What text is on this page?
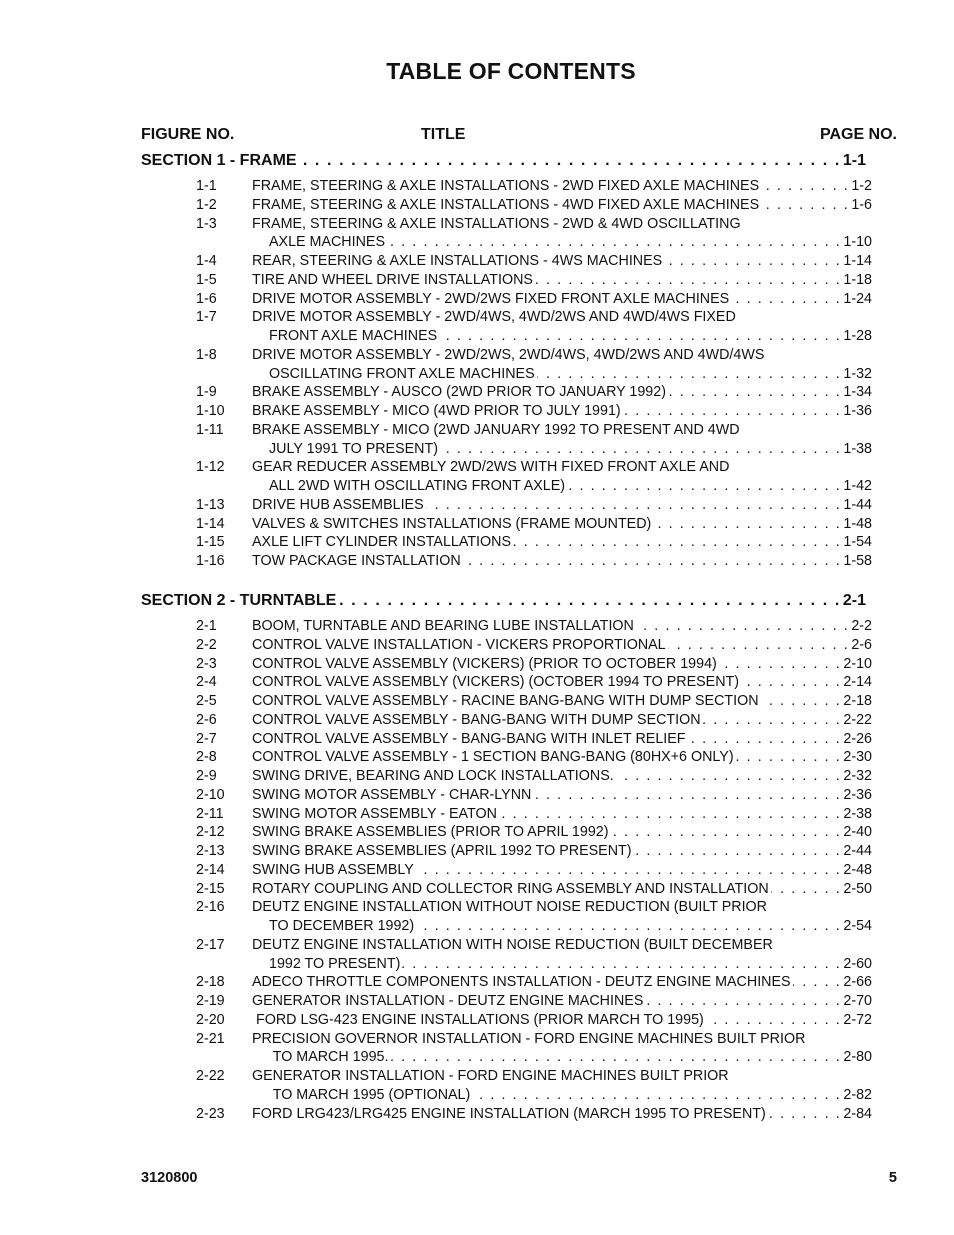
TABLE OF CONTENTS
FIGURE NO.	TITLE	PAGE NO.
SECTION 1 - FRAME . . .	1-1
1-1 FRAME, STEERING & AXLE INSTALLATIONS - 2WD FIXED AXLE MACHINES . . .	1-2
1-2 FRAME, STEERING & AXLE INSTALLATIONS - 4WD FIXED AXLE MACHINES . . .	1-6
1-3 FRAME, STEERING & AXLE INSTALLATIONS - 2WD & 4WD OSCILLATING
AXLE MACHINES . . .	1-10
1-4 REAR, STEERING & AXLE INSTALLATIONS - 4WS MACHINES . . .	1-14
1-5 TIRE AND WHEEL DRIVE INSTALLATIONS . . .	1-18
1-6 DRIVE MOTOR ASSEMBLY - 2WD/2WS FIXED FRONT AXLE MACHINES . . .	1-24
1-7 DRIVE MOTOR ASSEMBLY - 2WD/4WS, 4WD/2WS AND 4WD/4WS FIXED
FRONT AXLE MACHINES . . .	1-28
1-8 DRIVE MOTOR ASSEMBLY - 2WD/2WS, 2WD/4WS, 4WD/2WS AND 4WD/4WS
OSCILLATING FRONT AXLE MACHINES . . .	1-32
1-9 BRAKE ASSEMBLY - AUSCO (2WD PRIOR TO JANUARY 1992) . . .	1-34
1-10 BRAKE ASSEMBLY - MICO (4WD PRIOR TO JULY 1991) . . .	1-36
1-11 BRAKE ASSEMBLY - MICO (2WD JANUARY 1992 TO PRESENT AND 4WD
JULY 1991 TO PRESENT) . . .	1-38
1-12 GEAR REDUCER ASSEMBLY 2WD/2WS WITH FIXED FRONT AXLE AND
ALL 2WD WITH OSCILLATING FRONT AXLE) . . .	1-42
1-13 DRIVE HUB ASSEMBLIES . . .	1-44
1-14 VALVES & SWITCHES INSTALLATIONS (FRAME MOUNTED) . . .	1-48
1-15 AXLE LIFT CYLINDER INSTALLATIONS . . .	1-54
1-16 TOW PACKAGE INSTALLATION . . .	1-58
SECTION 2 - TURNTABLE . . .	2-1
2-1 BOOM, TURNTABLE AND BEARING LUBE INSTALLATION . . .	2-2
2-2 CONTROL VALVE INSTALLATION - VICKERS PROPORTIONAL . . .	2-6
2-3 CONTROL VALVE ASSEMBLY (VICKERS) (PRIOR TO OCTOBER 1994) . . .	2-10
2-4 CONTROL VALVE ASSEMBLY (VICKERS) (OCTOBER 1994 TO PRESENT) . . .	2-14
2-5 CONTROL VALVE ASSEMBLY - RACINE BANG-BANG WITH DUMP SECTION . . .	2-18
2-6 CONTROL VALVE ASSEMBLY - BANG-BANG WITH DUMP SECTION . . .	2-22
2-7 CONTROL VALVE ASSEMBLY - BANG-BANG WITH INLET RELIEF . . .	2-26
2-8 CONTROL VALVE ASSEMBLY - 1 SECTION BANG-BANG (80HX+6 ONLY) . . .	2-30
2-9 SWING DRIVE, BEARING AND LOCK INSTALLATIONS. . . .	2-32
2-10 SWING MOTOR ASSEMBLY - CHAR-LYNN . . .	2-36
2-11 SWING MOTOR ASSEMBLY - EATON . . .	2-38
2-12 SWING BRAKE ASSEMBLIES (PRIOR TO APRIL 1992) . . .	2-40
2-13 SWING BRAKE ASSEMBLIES (APRIL 1992 TO PRESENT) . . .	2-44
2-14 SWING HUB ASSEMBLY . . .	2-48
2-15 ROTARY COUPLING AND COLLECTOR RING ASSEMBLY AND INSTALLATION . . .	2-50
2-16 DEUTZ ENGINE INSTALLATION WITHOUT NOISE REDUCTION (BUILT PRIOR
TO DECEMBER 1992) . . .	2-54
2-17 DEUTZ ENGINE INSTALLATION WITH NOISE REDUCTION (BUILT DECEMBER
1992 TO PRESENT) . . .	2-60
2-18 ADECO THROTTLE COMPONENTS INSTALLATION - DEUTZ ENGINE MACHINES . . .	2-66
2-19 GENERATOR INSTALLATION - DEUTZ ENGINE MACHINES . . .	2-70
2-20 FORD LSG-423 ENGINE INSTALLATIONS (PRIOR MARCH TO 1995) . . .	2-72
2-21 PRECISION GOVERNOR INSTALLATION - FORD ENGINE MACHINES BUILT PRIOR
TO MARCH 1995. . . .	2-80
2-22 GENERATOR INSTALLATION - FORD ENGINE MACHINES BUILT PRIOR
TO MARCH 1995 (OPTIONAL) . . .	2-82
2-23 FORD LRG423/LRG425 ENGINE INSTALLATION (MARCH 1995 TO PRESENT) . . .	2-84
3120800	5
